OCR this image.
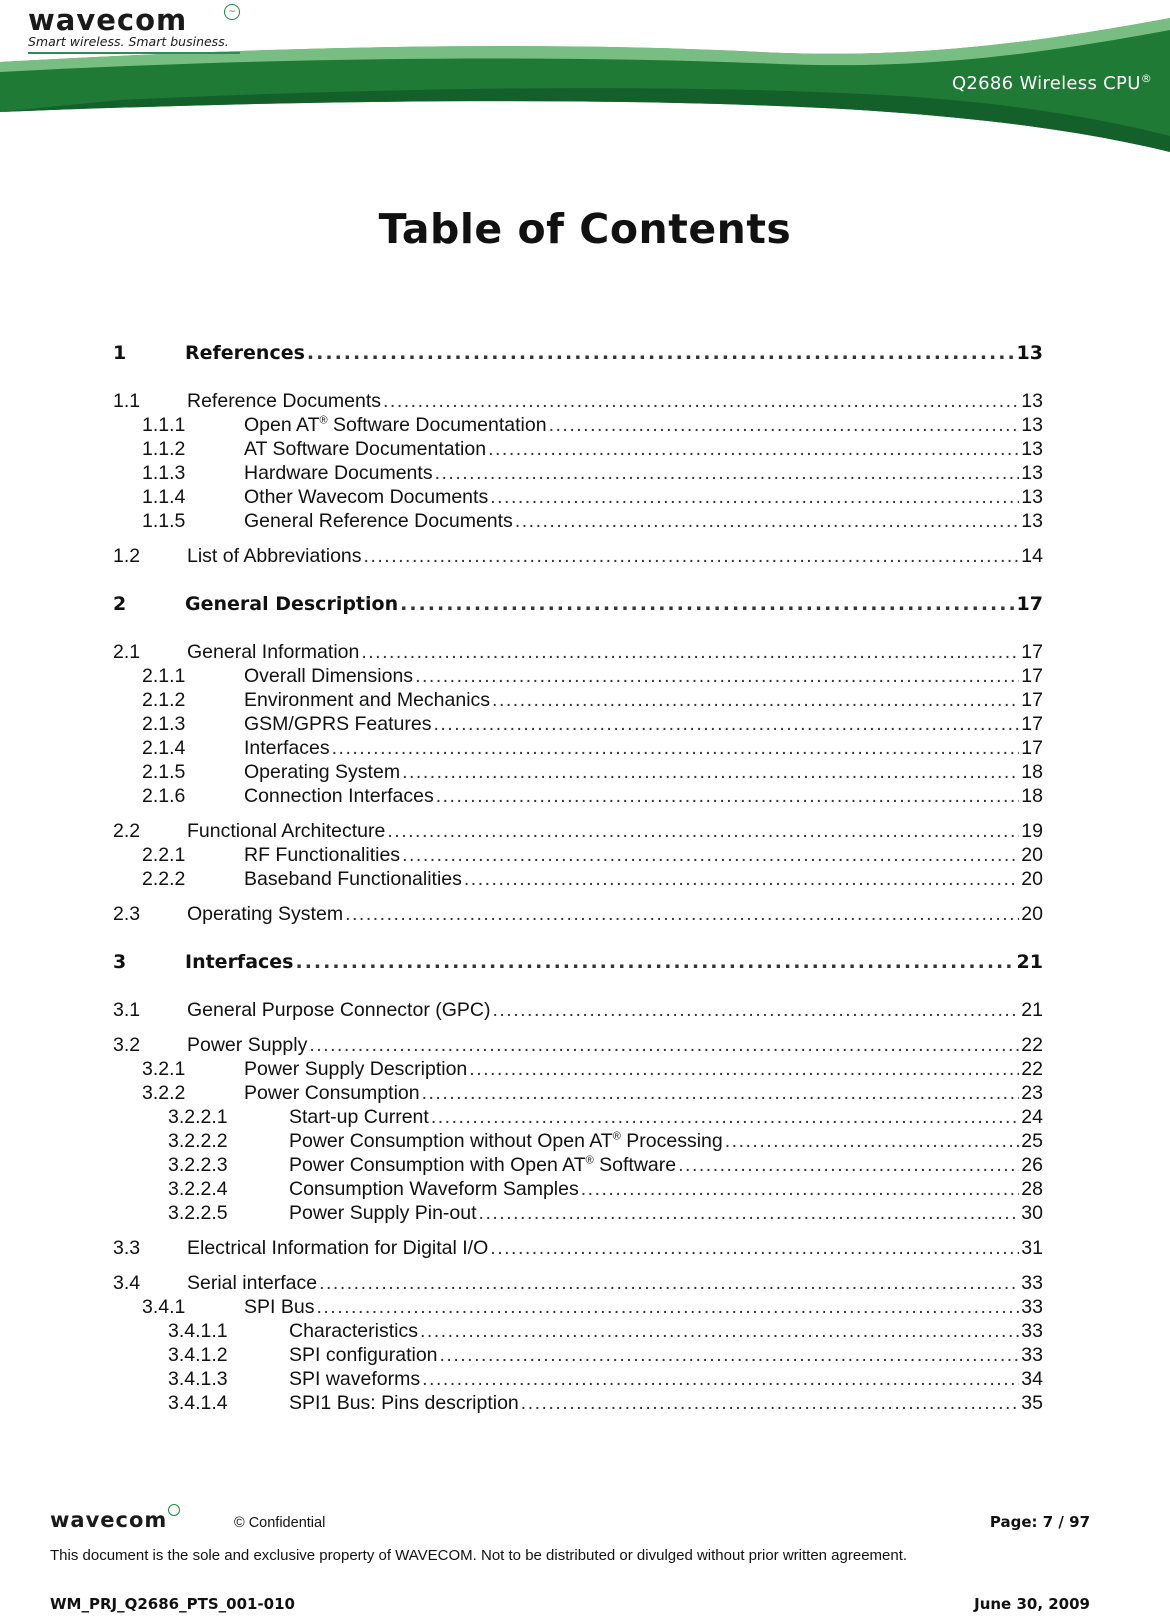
wavecom	~
Smart wireless. Smart business.
Q2686 Wireless CPU®
Table of Contents
1	References .....	13
1.1	Reference Documents .....	13
1.1.1	Open AT® Software Documentation .....	13
1.1.2	AT Software Documentation .....	13
1.1.3	Hardware Documents .....	13
1.1.4	Other Wavecom Documents .....	13
1.1.5	General Reference Documents .....	13
1.2	List of Abbreviations .....	14
2	General Description .....	17
2.1	General Information .....	17
2.1.1	Overall Dimensions .....	17
2.1.2	Environment and Mechanics .....	17
2.1.3	GSM/GPRS Features .....	17
2.1.4	Interfaces .....	17
2.1.5	Operating System .....	18
2.1.6	Connection Interfaces .....	18
2.2	Functional Architecture .....	19
2.2.1	RF Functionalities .....	20
2.2.2	Baseband Functionalities .....	20
2.3	Operating System .....	20
3	Interfaces .....	21
3.1	General Purpose Connector (GPC) .....	21
3.2	Power Supply .....	22
3.2.1	Power Supply Description .....	22
3.2.2	Power Consumption .....	23
3.2.2.1	Start-up Current .....	24
3.2.2.2	Power Consumption without Open AT® Processing .....	25
3.2.2.3	Power Consumption with Open AT® Software .....	26
3.2.2.4	Consumption Waveform Samples .....	28
3.2.2.5	Power Supply Pin-out .....	30
3.3	Electrical Information for Digital I/O .....	31
3.4	Serial interface .....	33
3.4.1	SPI Bus .....	33
3.4.1.1	Characteristics .....	33
3.4.1.2	SPI configuration .....	33
3.4.1.3	SPI waveforms .....	34
3.4.1.4	SPI1 Bus: Pins description .....	35
wavecom	© Confidential	Page: 7 / 97
This document is the sole and exclusive property of WAVECOM. Not to be distributed or divulged without prior written agreement.
WM_PRJ_Q2686_PTS_001-010	June 30, 2009
